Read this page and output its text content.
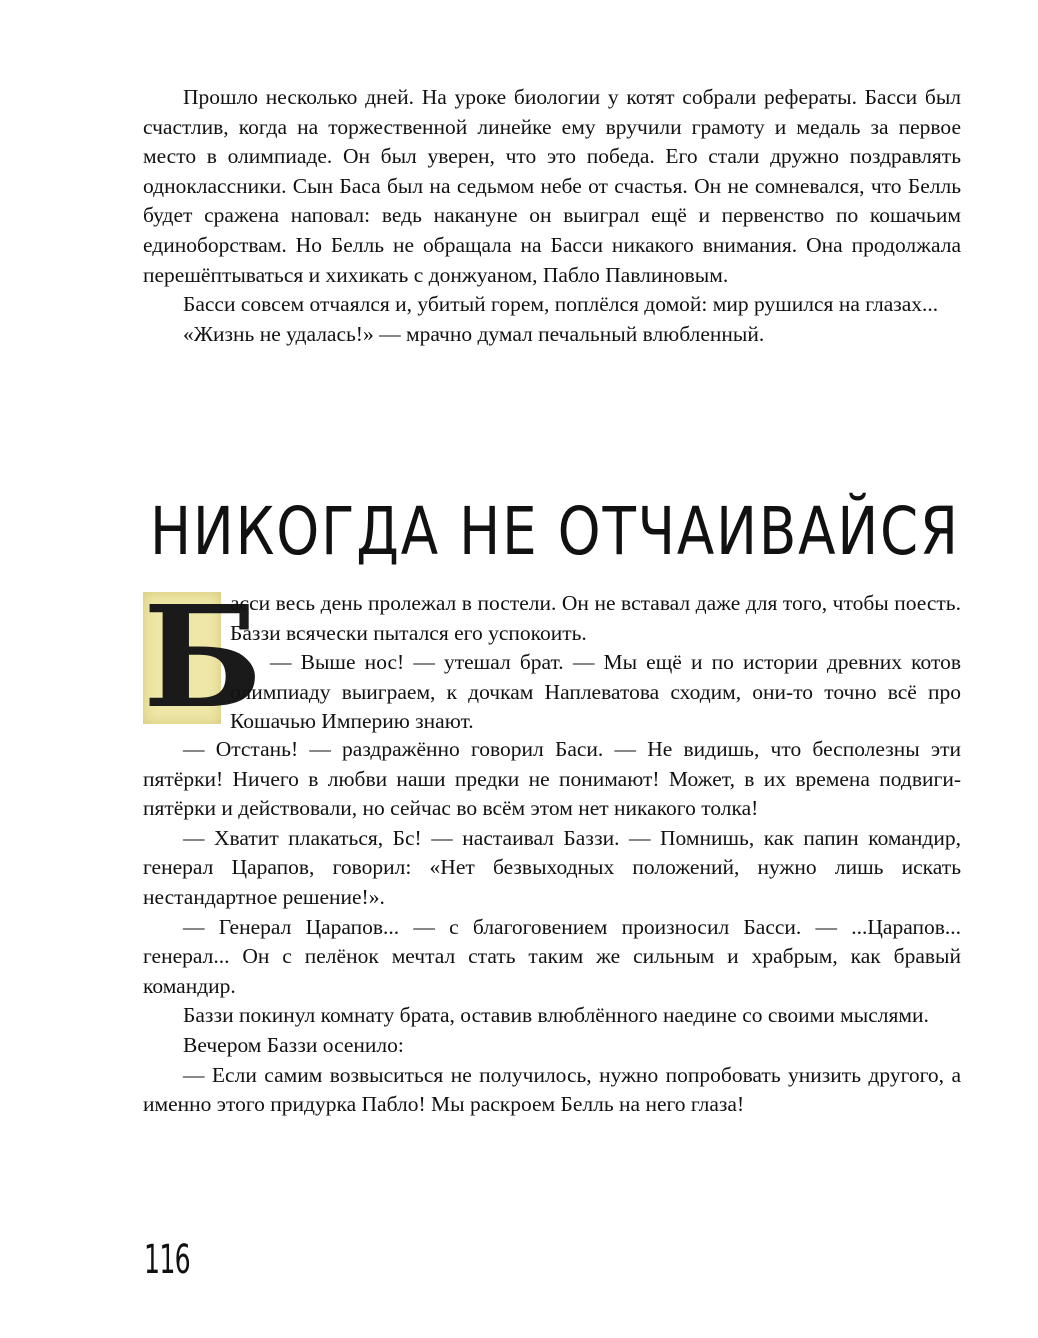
Прошло несколько дней. На уроке биологии у котят собрали рефераты. Басси был счастлив, когда на торжественной линейке ему вручили грамоту и медаль за первое место в олимпиаде. Он был уверен, что это победа. Его стали дружно поздравлять одноклассники. Сын Баса был на седьмом небе от счастья. Он не сомневался, что Белль будет сражена наповал: ведь накануне он выиграл ещё и первенство по кошачьим единоборствам. Но Белль не обращала на Басси никакого внимания. Она продолжала перешёптываться и хихикать с донжуаном, Пабло Павлиновым.

Басси совсем отчаялся и, убитый горем, поплёлся домой: мир рушился на глазах...

«Жизнь не удалась!» — мрачно думал печальный влюбленный.

НИКОГДА НЕ ОТЧАИВАЙСЯ
Б

асси весь день пролежал в постели. Он не вставал даже для того, чтобы поесть. Баззи всячески пытался его успокоить.

— Выше нос! — утешал брат. — Мы ещё и по истории древних котов олимпиаду выиграем, к дочкам Наплеватова сходим, они-то точно всё про Кошачью Империю знают.

— Отстань! — раздражённо говорил Баси. — Не видишь, что бесполезны эти пятёрки! Ничего в любви наши предки не понимают! Может, в их времена подвиги-пятёрки и действовали, но сейчас во всём этом нет никакого толка!

— Хватит плакаться, Бс! — настаивал Баззи. — Помнишь, как папин командир, генерал Царапов, говорил: «Нет безвыходных положений, нужно лишь искать нестандартное решение!».

— Генерал Царапов... — с благоговением произносил Басси. — ...Царапов... генерал... Он с пелёнок мечтал стать таким же сильным и храбрым, как бравый командир.

Баззи покинул комнату брата, оставив влюблённого наедине со своими мыслями.

Вечером Баззи осенило:

— Если самим возвыситься не получилось, нужно попробовать унизить другого, а именно этого придурка Пабло! Мы раскроем Белль на него глаза!

116
